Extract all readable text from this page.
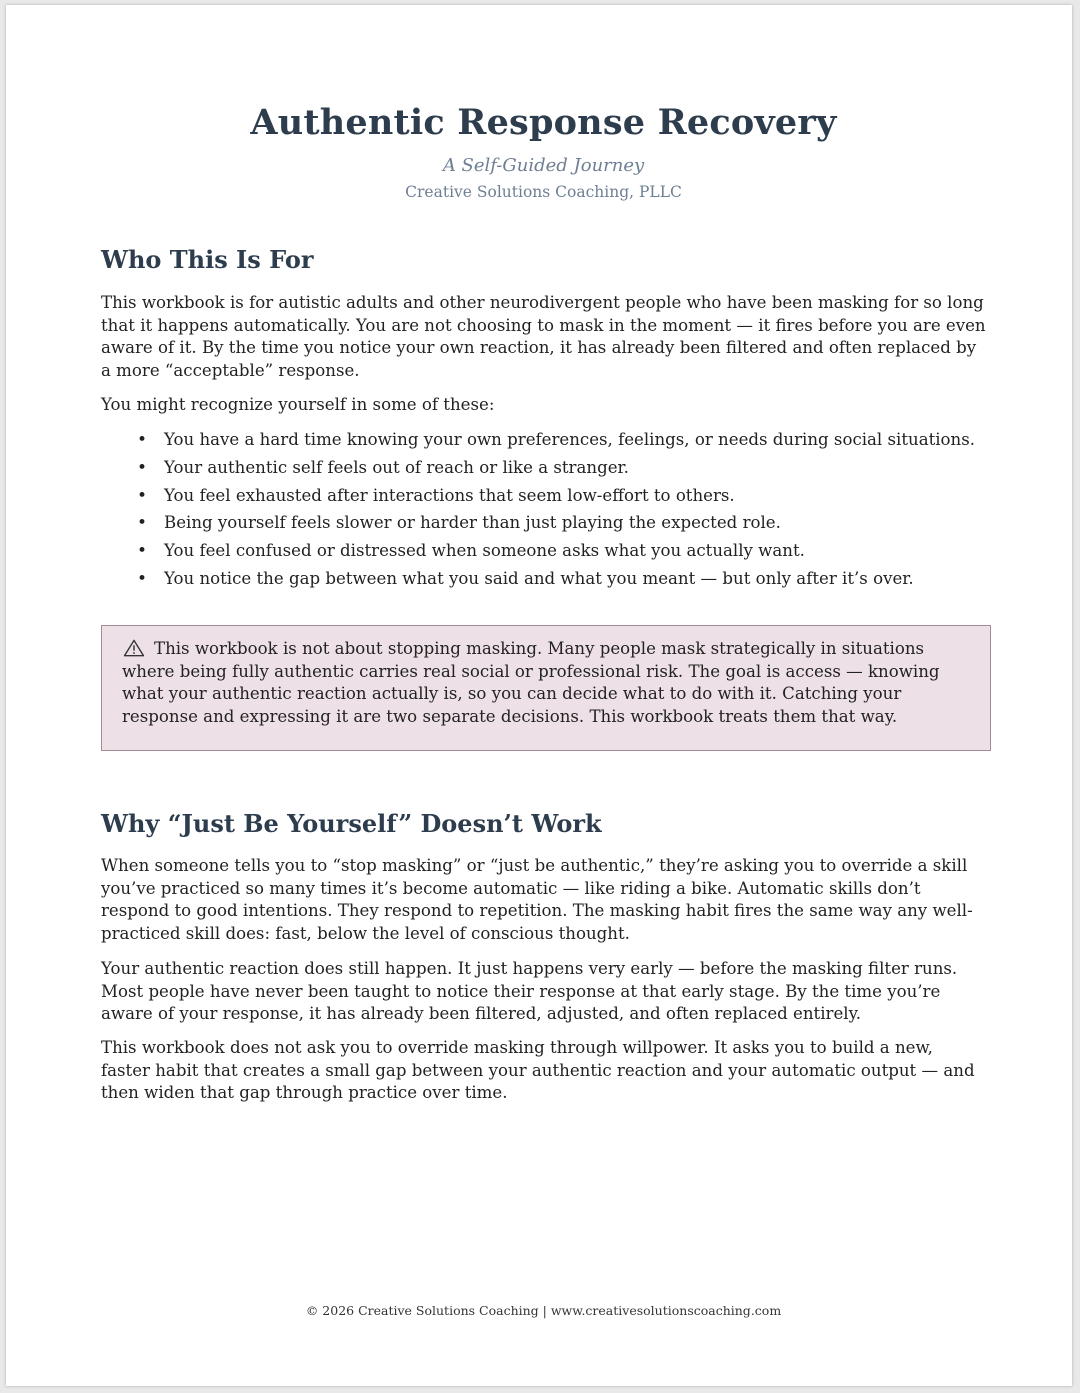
Authentic Response Recovery
A Self-Guided Journey
Creative Solutions Coaching, PLLC
Who This Is For
This workbook is for autistic adults and other neurodivergent people who have been masking for so long that it happens automatically. You are not choosing to mask in the moment — it fires before you are even aware of it. By the time you notice your own reaction, it has already been filtered and often replaced by a more “acceptable” response.
You might recognize yourself in some of these:
• You have a hard time knowing your own preferences, feelings, or needs during social situations.
• Your authentic self feels out of reach or like a stranger.
• You feel exhausted after interactions that seem low-effort to others.
• Being yourself feels slower or harder than just playing the expected role.
• You feel confused or distressed when someone asks what you actually want.
• You notice the gap between what you said and what you meant — but only after it’s over.
This workbook is not about stopping masking. Many people mask strategically in situations where being fully authentic carries real social or professional risk. The goal is access — knowing what your authentic reaction actually is, so you can decide what to do with it. Catching your response and expressing it are two separate decisions. This workbook treats them that way.
Why “Just Be Yourself” Doesn’t Work
When someone tells you to “stop masking” or “just be authentic,” they’re asking you to override a skill you’ve practiced so many times it’s become automatic — like riding a bike. Automatic skills don’t respond to good intentions. They respond to repetition. The masking habit fires the same way any well-practiced skill does: fast, below the level of conscious thought.
Your authentic reaction does still happen. It just happens very early — before the masking filter runs. Most people have never been taught to notice their response at that early stage. By the time you’re aware of your response, it has already been filtered, adjusted, and often replaced entirely.
This workbook does not ask you to override masking through willpower. It asks you to build a new, faster habit that creates a small gap between your authentic reaction and your automatic output — and then widen that gap through practice over time.
© 2026 Creative Solutions Coaching | www.creativesolutionscoaching.com
